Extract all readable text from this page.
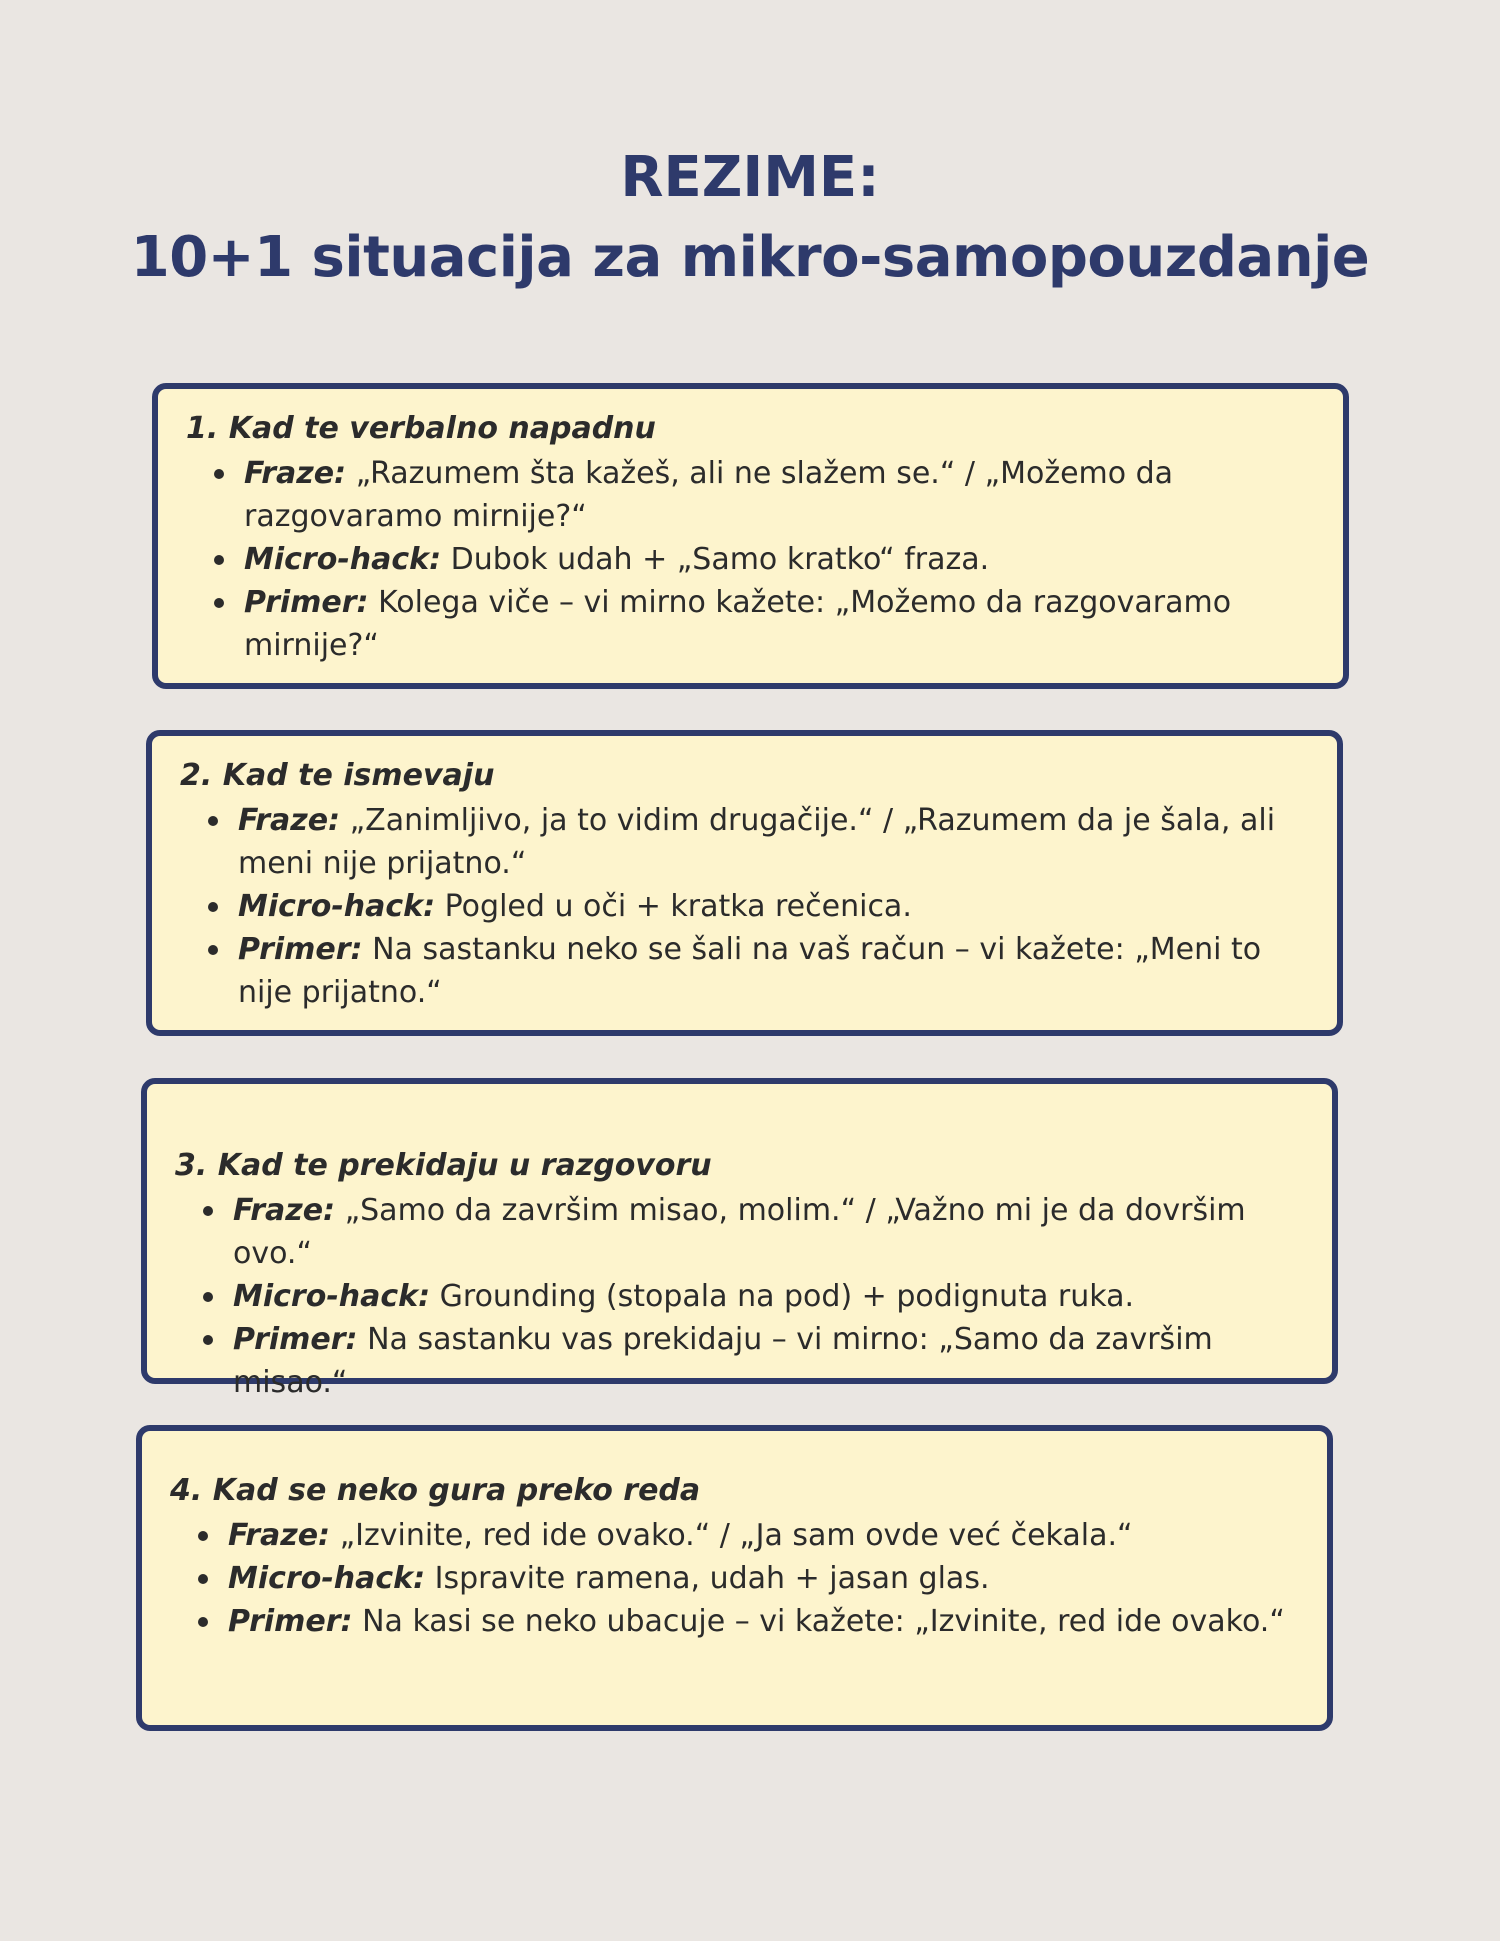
REZIME:
10+1 situacija za mikro-samopouzdanje
1. Kad te verbalno napadnu
Fraze: „Razumem šta kažeš, ali ne slažem se.“ / „Možemo da razgovaramo mirnije?“
Micro-hack: Dubok udah + „Samo kratko“ fraza.
Primer: Kolega viče – vi mirno kažete: „Možemo da razgovaramo mirnije?“
2. Kad te ismevaju
Fraze: „Zanimljivo, ja to vidim drugačije.“ / „Razumem da je šala, ali meni nije prijatno.“
Micro-hack: Pogled u oči + kratka rečenica.
Primer: Na sastanku neko se šali na vaš račun – vi kažete: „Meni to nije prijatno.“
3. Kad te prekidaju u razgovoru
Fraze: „Samo da završim misao, molim.“ / „Važno mi je da dovršim ovo.“
Micro-hack: Grounding (stopala na pod) + podignuta ruka.
Primer: Na sastanku vas prekidaju – vi mirno: „Samo da završim misao.“
4. Kad se neko gura preko reda
Fraze: „Izvinite, red ide ovako.“ / „Ja sam ovde već čekala.“
Micro-hack: Ispravite ramena, udah + jasan glas.
Primer: Na kasi se neko ubacuje – vi kažete: „Izvinite, red ide ovako.“
